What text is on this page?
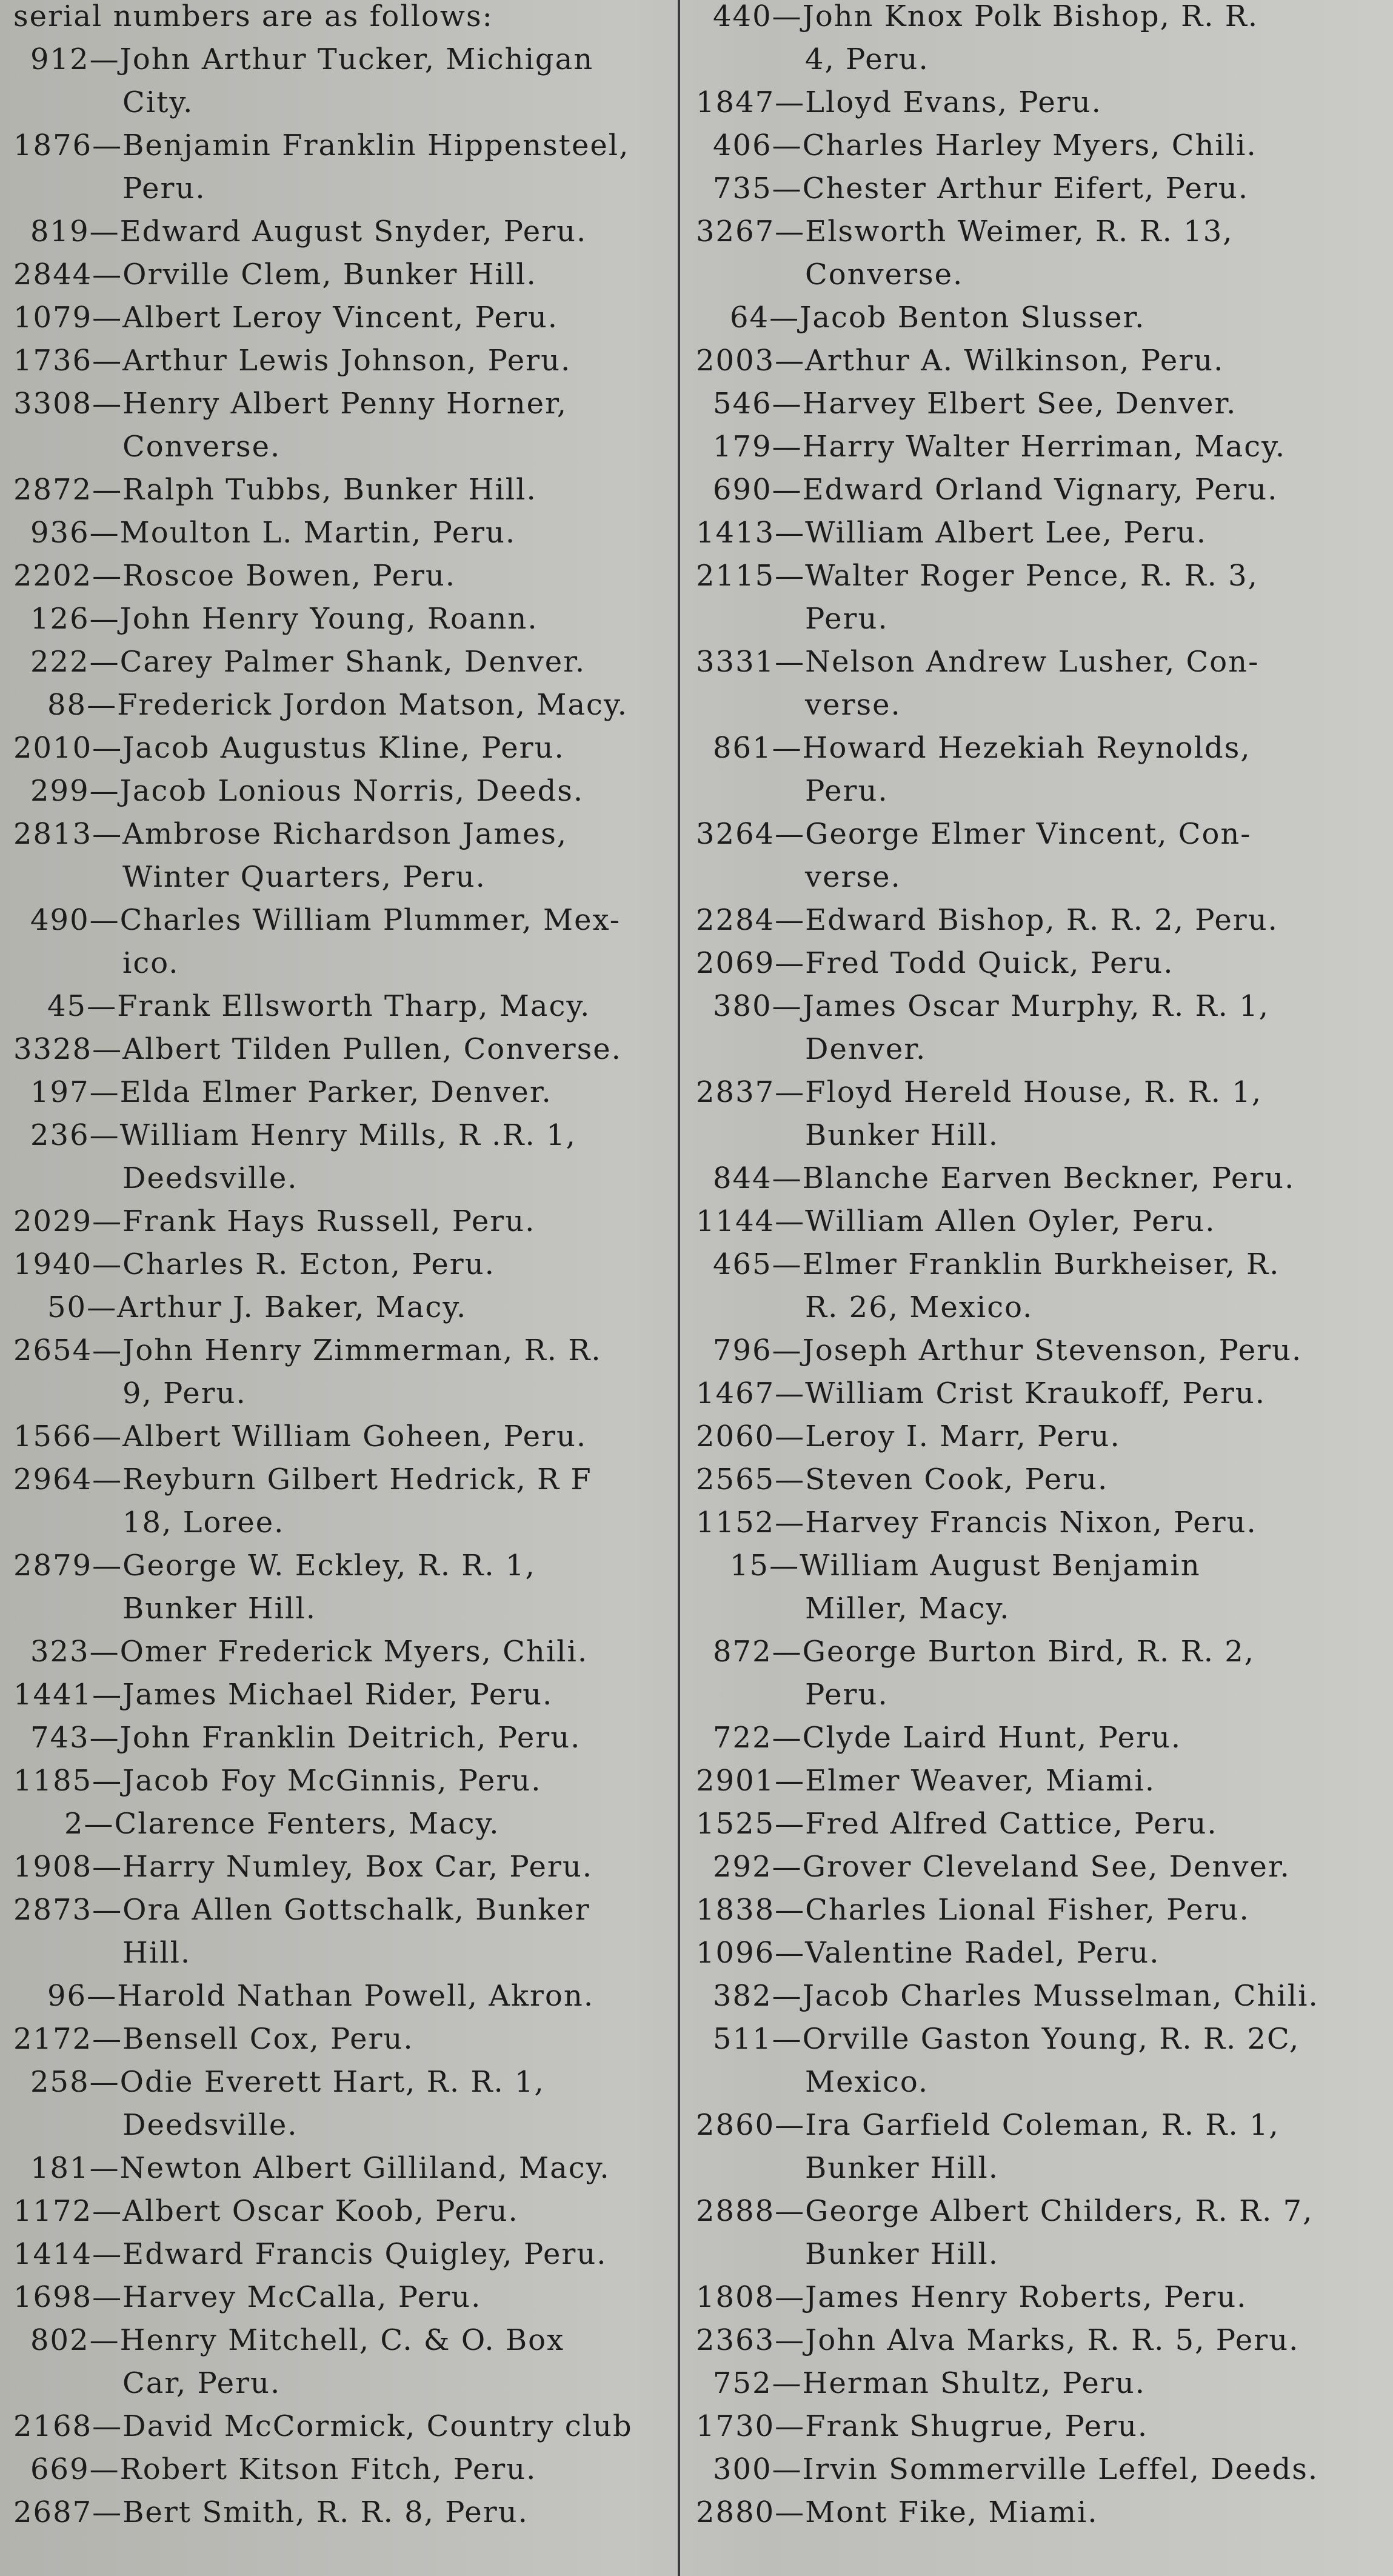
serial numbers are as follows:
912—John Arthur Tucker, Michigan
City.
1876—Benjamin Franklin Hippensteel,
Peru.
819—Edward August Snyder, Peru.
2844—Orville Clem, Bunker Hill.
1079—Albert Leroy Vincent, Peru.
1736—Arthur Lewis Johnson, Peru.
3308—Henry Albert Penny Horner,
Converse.
2872—Ralph Tubbs, Bunker Hill.
936—Moulton L. Martin, Peru.
2202—Roscoe Bowen, Peru.
126—John Henry Young, Roann.
222—Carey Palmer Shank, Denver.
88—Frederick Jordon Matson, Macy.
2010—Jacob Augustus Kline, Peru.
299—Jacob Lonious Norris, Deeds.
2813—Ambrose Richardson James,
Winter Quarters, Peru.
490—Charles William Plummer, Mex-
ico.
45—Frank Ellsworth Tharp, Macy.
3328—Albert Tilden Pullen, Converse.
197—Elda Elmer Parker, Denver.
236—William Henry Mills, R .R. 1,
Deedsville.
2029—Frank Hays Russell, Peru.
1940—Charles R. Ecton, Peru.
50—Arthur J. Baker, Macy.
2654—John Henry Zimmerman, R. R.
9, Peru.
1566—Albert William Goheen, Peru.
2964—Reyburn Gilbert Hedrick, R F
18, Loree.
2879—George W. Eckley, R. R. 1,
Bunker Hill.
323—Omer Frederick Myers, Chili.
1441—James Michael Rider, Peru.
743—John Franklin Deitrich, Peru.
1185—Jacob Foy McGinnis, Peru.
2—Clarence Fenters, Macy.
1908—Harry Numley, Box Car, Peru.
2873—Ora Allen Gottschalk, Bunker
Hill.
96—Harold Nathan Powell, Akron.
2172—Bensell Cox, Peru.
258—Odie Everett Hart, R. R. 1,
Deedsville.
181—Newton Albert Gilliland, Macy.
1172—Albert Oscar Koob, Peru.
1414—Edward Francis Quigley, Peru.
1698—Harvey McCalla, Peru.
802—Henry Mitchell, C. & O. Box
Car, Peru.
2168—David McCormick, Country club
669—Robert Kitson Fitch, Peru.
2687—Bert Smith, R. R. 8, Peru.
440—John Knox Polk Bishop, R. R.
4, Peru.
1847—Lloyd Evans, Peru.
406—Charles Harley Myers, Chili.
735—Chester Arthur Eifert, Peru.
3267—Elsworth Weimer, R. R. 13,
Converse.
64—Jacob Benton Slusser.
2003—Arthur A. Wilkinson, Peru.
546—Harvey Elbert See, Denver.
179—Harry Walter Herriman, Macy.
690—Edward Orland Vignary, Peru.
1413—William Albert Lee, Peru.
2115—Walter Roger Pence, R. R. 3,
Peru.
3331—Nelson Andrew Lusher, Con-
verse.
861—Howard Hezekiah Reynolds,
Peru.
3264—George Elmer Vincent, Con-
verse.
2284—Edward Bishop, R. R. 2, Peru.
2069—Fred Todd Quick, Peru.
380—James Oscar Murphy, R. R. 1,
Denver.
2837—Floyd Hereld House, R. R. 1,
Bunker Hill.
844—Blanche Earven Beckner, Peru.
1144—William Allen Oyler, Peru.
465—Elmer Franklin Burkheiser, R.
R. 26, Mexico.
796—Joseph Arthur Stevenson, Peru.
1467—William Crist Kraukoff, Peru.
2060—Leroy I. Marr, Peru.
2565—Steven Cook, Peru.
1152—Harvey Francis Nixon, Peru.
15—William August Benjamin
Miller, Macy.
872—George Burton Bird, R. R. 2,
Peru.
722—Clyde Laird Hunt, Peru.
2901—Elmer Weaver, Miami.
1525—Fred Alfred Cattice, Peru.
292—Grover Cleveland See, Denver.
1838—Charles Lional Fisher, Peru.
1096—Valentine Radel, Peru.
382—Jacob Charles Musselman, Chili.
511—Orville Gaston Young, R. R. 2C,
Mexico.
2860—Ira Garfield Coleman, R. R. 1,
Bunker Hill.
2888—George Albert Childers, R. R. 7,
Bunker Hill.
1808—James Henry Roberts, Peru.
2363—John Alva Marks, R. R. 5, Peru.
752—Herman Shultz, Peru.
1730—Frank Shugrue, Peru.
300—Irvin Sommerville Leffel, Deeds.
2880—Mont Fike, Miami.
